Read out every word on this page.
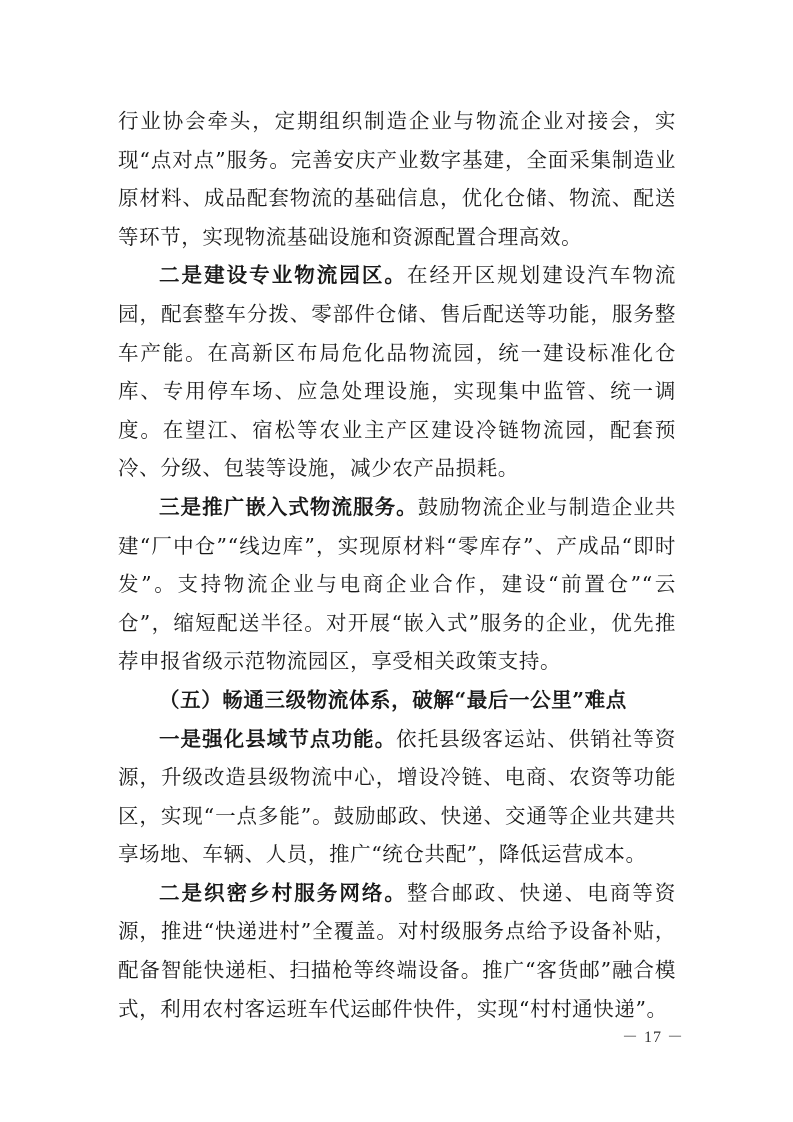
行业协会牵头，定期组织制造企业与物流企业对接会，实现“点对点”服务。完善安庆产业数字基建，全面采集制造业原材料、成品配套物流的基础信息，优化仓储、物流、配送等环节，实现物流基础设施和资源配置合理高效。

二是建设专业物流园区。在经开区规划建设汽车物流园，配套整车分拨、零部件仓储、售后配送等功能，服务整车产能。在高新区布局危化品物流园，统一建设标准化仓库、专用停车场、应急处理设施，实现集中监管、统一调度。在望江、宿松等农业主产区建设冷链物流园，配套预冷、分级、包装等设施，减少农产品损耗。

三是推广嵌入式物流服务。鼓励物流企业与制造企业共建“厂中仓”“线边库”，实现原材料“零库存”、产成品“即时发”。支持物流企业与电商企业合作，建设“前置仓”“云仓”，缩短配送半径。对开展“嵌入式”服务的企业，优先推荐申报省级示范物流园区，享受相关政策支持。

（五）畅通三级物流体系，破解“最后一公里”难点

一是强化县域节点功能。依托县级客运站、供销社等资源，升级改造县级物流中心，增设冷链、电商、农资等功能区，实现“一点多能”。鼓励邮政、快递、交通等企业共建共享场地、车辆、人员，推广“统仓共配”，降低运营成本。

二是织密乡村服务网络。整合邮政、快递、电商等资源，推进“快递进村”全覆盖。对村级服务点给予设备补贴，配备智能快递柜、扫描枪等终端设备。推广“客货邮”融合模式，利用农村客运班车代运邮件快件，实现“村村通快递”。

－ 17 －
